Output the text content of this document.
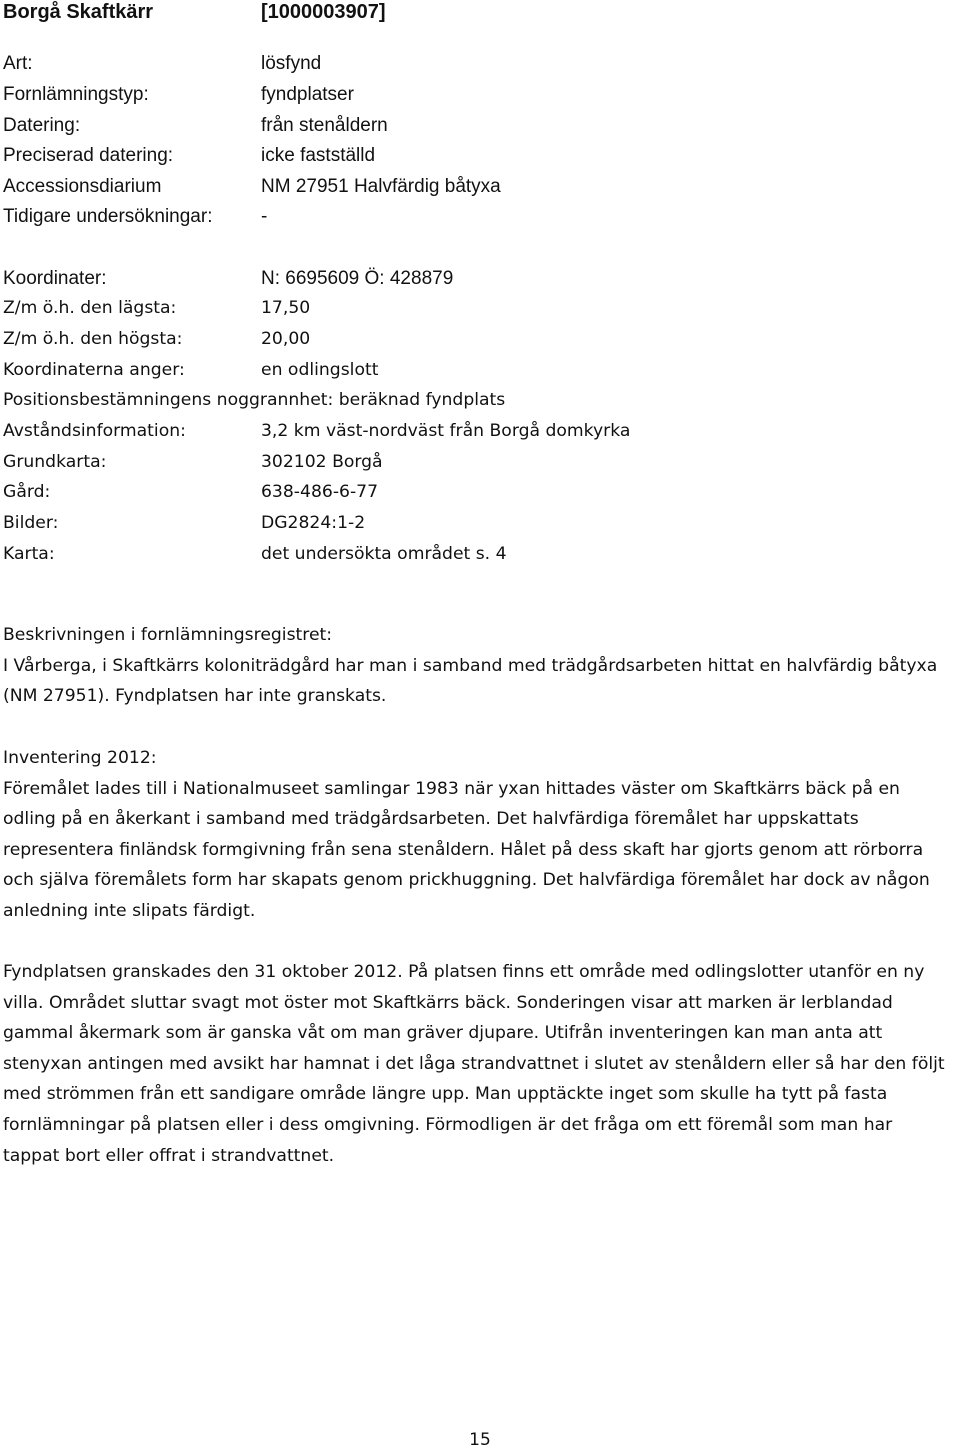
Borgå Skaftkärr	[1000003907]
Art:	lösfynd
Fornlämningstyp:	fyndplatser
Datering:	från stenåldern
Preciserad datering:	icke fastställd
Accessionsdiarium	NM 27951 Halvfärdig båtyxa
Tidigare undersökningar:	-
Koordinater:	N: 6695609 Ö: 428879
Z/m ö.h. den lägsta:	17,50
Z/m ö.h. den högsta:	20,00
Koordinaterna anger:	en odlingslott
Positionsbestämningens noggrannhet: beräknad fyndplats
Avståndsinformation:	3,2 km väst-nordväst från Borgå domkyrka
Grundkarta:	302102 Borgå
Gård:	638-486-6-77
Bilder:	DG2824:1-2
Karta:	det undersökta området s. 4
Beskrivningen i fornlämningsregistret:
I Vårberga, i Skaftkärrs koloniträdgård har man i samband med trädgårdsarbeten hittat en halvfärdig båtyxa
(NM 27951). Fyndplatsen har inte granskats.
Inventering 2012:
Föremålet lades till i Nationalmuseet samlingar 1983 när yxan hittades väster om Skaftkärrs bäck på en
odling på en åkerkant i samband med trädgårdsarbeten. Det halvfärdiga föremålet har uppskattats
representera finländsk formgivning från sena stenåldern. Hålet på dess skaft har gjorts genom att rörborra
och själva föremålets form har skapats genom prickhuggning. Det halvfärdiga föremålet har dock av någon
anledning inte slipats färdigt.
Fyndplatsen granskades den 31 oktober 2012. På platsen finns ett område med odlingslotter utanför en ny
villa. Området sluttar svagt mot öster mot Skaftkärrs bäck. Sonderingen visar att marken är lerblandad
gammal åkermark som är ganska våt om man gräver djupare. Utifrån inventeringen kan man anta att
stenyxan antingen med avsikt har hamnat i det låga strandvattnet i slutet av stenåldern eller så har den följt
med strömmen från ett sandigare område längre upp. Man upptäckte inget som skulle ha tytt på fasta
fornlämningar på platsen eller i dess omgivning. Förmodligen är det fråga om ett föremål som man har
tappat bort eller offrat i strandvattnet.
15
